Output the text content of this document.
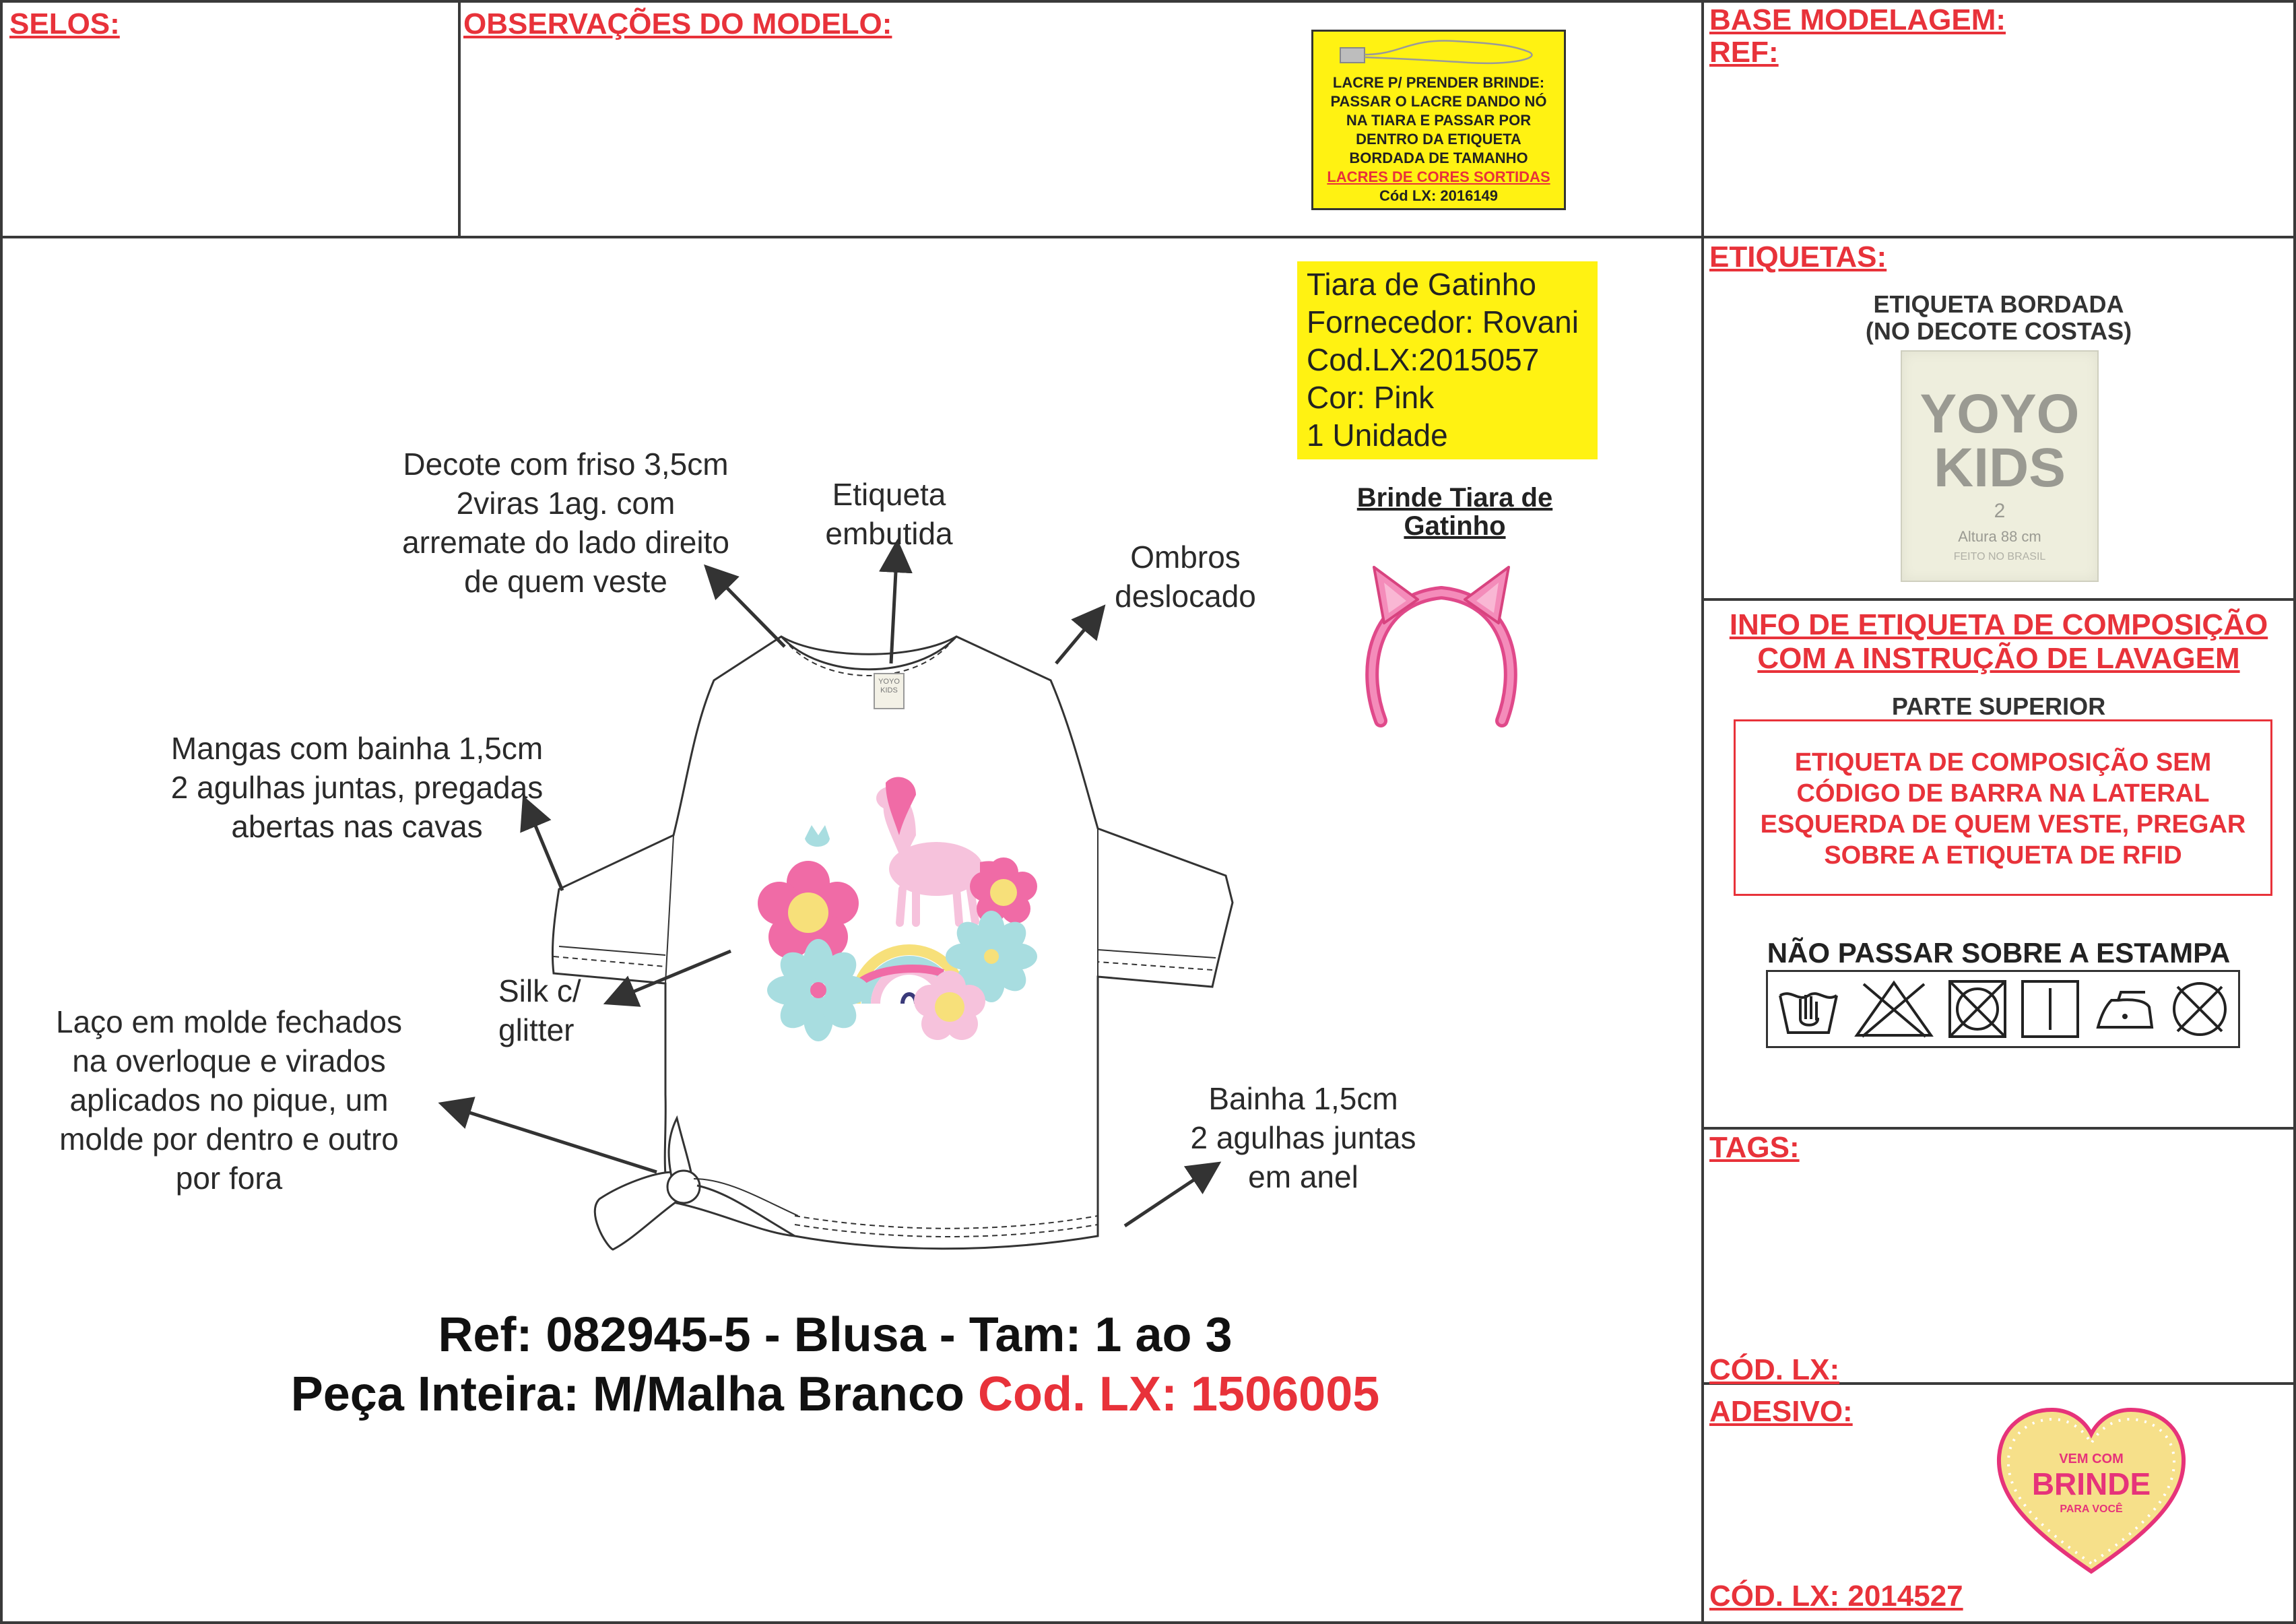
SELOS:	OBSERVAÇÕES DO MODELO:	BASE MODELAGEM:
REF:
LACRE P/ PRENDER BRINDE:
PASSAR O LACRE DANDO NÓ
NA TIARA E PASSAR POR
DENTRO DA ETIQUETA
BORDADA DE TAMANHO
LACRES DE CORES SORTIDAS
Cód LX: 2016149
Tiara de Gatinho
Fornecedor: Rovani
Cod.LX:2015057
Cor: Pink
1 Unidade
Brinde Tiara de
Gatinho
YOYO KIDS
Decote com friso 3,5cm
2viras 1ag. com
arremate do lado direito
de quem veste
Etiqueta
embutida
Ombros
deslocado
Mangas com bainha 1,5cm
2 agulhas juntas, pregadas
abertas nas cavas
Silk c/
glitter
Laço em molde fechados
na overloque e virados
aplicados no pique, um
molde por dentro e outro
por fora
Bainha 1,5cm
2 agulhas juntas
em anel
Ref: 082945-5 - Blusa - Tam: 1 ao 3
Peça Inteira: M/Malha Branco Cod. LX: 1506005
ETIQUETAS:
ETIQUETA BORDADA
(NO DECOTE COSTAS)
YOYO
KIDS
2
Altura 88 cm
FEITO NO BRASIL
INFO DE ETIQUETA DE COMPOSIÇÃO
COM A INSTRUÇÃO DE LAVAGEM
PARTE SUPERIOR
ETIQUETA DE COMPOSIÇÃO SEM
CÓDIGO DE BARRA NA LATERAL
ESQUERDA DE QUEM VESTE, PREGAR
SOBRE A ETIQUETA DE RFID
NÃO PASSAR SOBRE A ESTAMPA
TAGS:
CÓD. LX:
ADESIVO:
VEM COM
BRINDE
PARA VOCÊ
CÓD. LX: 2014527
